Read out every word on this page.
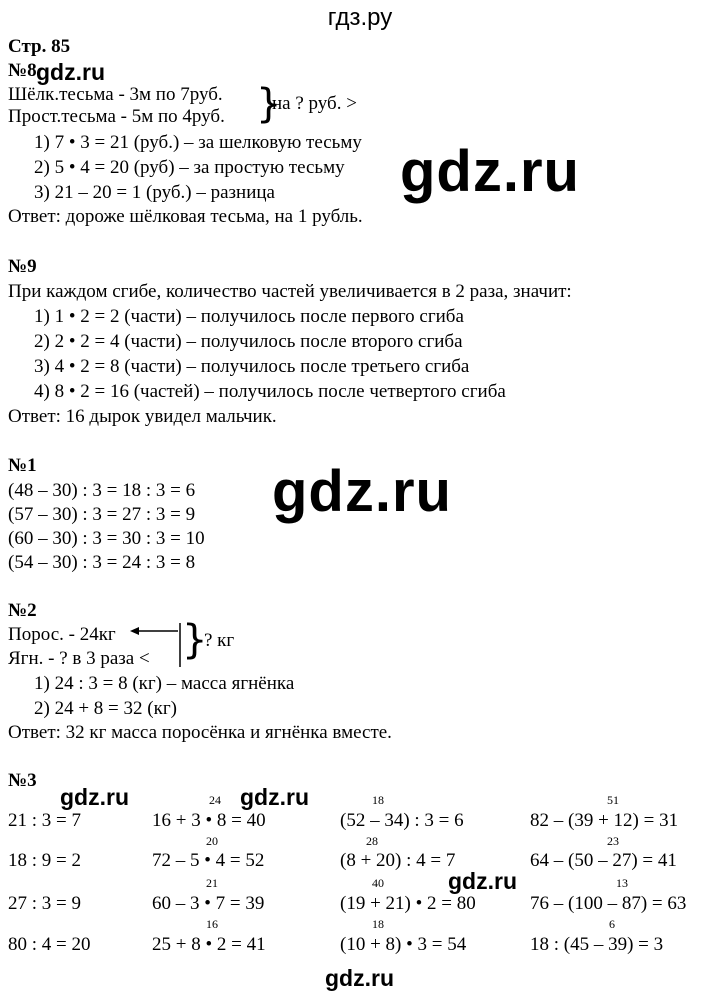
гдз.ру
Стр. 85
№8 gdz.ru
Шёлк.тесьма - 3м по 7руб.
Прост.тесьма - 5м по 4руб. }
на ? руб. >
1) 7 • 3 = 21 (руб.) – за шелковую тесьму
2) 5 • 4 = 20 (руб) – за простую тесьму
3) 21 – 20 = 1 (руб.) – разница gdz.ru
Ответ: дороже шёлковая тесьма, на 1 рубль.
№9
При каждом сгибе, количество частей увеличивается в 2 раза, значит:
1) 1 • 2 = 2 (части) – получилось после первого сгиба
2) 2 • 2 = 4 (части) – получилось после второго сгиба
3) 4 • 2 = 8 (части) – получилось после третьего сгиба
4) 8 • 2 = 16 (частей) – получилось после четвертого сгиба
Ответ: 16 дырок увидел мальчик.
№1
(48 – 30) : 3 = 18 : 3 = 6
(57 – 30) : 3 = 27 : 3 = 9
(60 – 30) : 3 = 30 : 3 = 10
(54 – 30) : 3 = 24 : 3 = 8
gdz.ru
№2
Порос. - 24кг
Ягн. - ? в 3 раза < }
? кг
1) 24 : 3 = 8 (кг) – масса ягнёнка
2) 24 + 8 = 32 (кг)
Ответ: 32 кг масса поросёнка и ягнёнка вместе.
№3
gdz.ru	gdz.ru
gdz.ru
gdz.ru
21 : 3 = 7
18 : 9 = 2
27 : 3 = 9
80 : 4 = 20
24
16 + 3 • 8 = 40
20
72 – 5 • 4 = 52
21
60 – 3 • 7 = 39
16
25 + 8 • 2 = 41
18
(52 – 34) : 3 = 6
28
(8 + 20) : 4 = 7
40
(19 + 21) • 2 = 80
18
(10 + 8) • 3 = 54
51
82 – (39 + 12) = 31
23
64 – (50 – 27) = 41
13
76 – (100 – 87) = 63
6
18 : (45 – 39) = 3
